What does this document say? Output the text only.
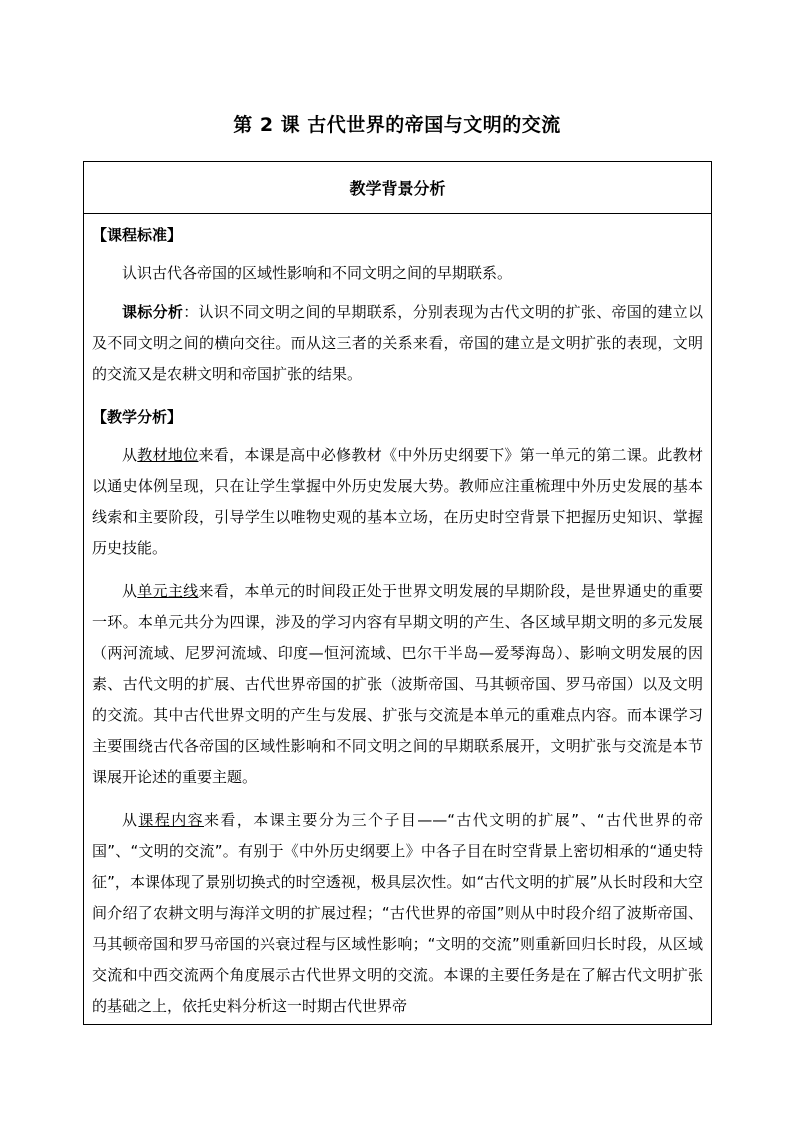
第 2 课 古代世界的帝国与文明的交流
教学背景分析
【课程标准】

认识古代各帝国的区域性影响和不同文明之间的早期联系。

课标分析：认识不同文明之间的早期联系，分别表现为古代文明的扩张、帝国的建立以及不同文明之间的横向交往。而从这三者的关系来看，帝国的建立是文明扩张的表现，文明的交流又是农耕文明和帝国扩张的结果。

【教学分析】

从教材地位来看，本课是高中必修教材《中外历史纲要下》第一单元的第二课。此教材以通史体例呈现，只在让学生掌握中外历史发展大势。教师应注重梳理中外历史发展的基本线索和主要阶段，引导学生以唯物史观的基本立场，在历史时空背景下把握历史知识、掌握历史技能。

从单元主线来看，本单元的时间段正处于世界文明发展的早期阶段，是世界通史的重要一环。本单元共分为四课，涉及的学习内容有早期文明的产生、各区域早期文明的多元发展（两河流域、尼罗河流域、印度—恒河流域、巴尔干半岛—爱琴海岛）、影响文明发展的因素、古代文明的扩展、古代世界帝国的扩张（波斯帝国、马其顿帝国、罗马帝国）以及文明的交流。其中古代世界文明的产生与发展、扩张与交流是本单元的重难点内容。而本课学习主要围绕古代各帝国的区域性影响和不同文明之间的早期联系展开，文明扩张与交流是本节课展开论述的重要主题。

从课程内容来看，本课主要分为三个子目——“古代文明的扩展”、“古代世界的帝国”、“文明的交流”。有别于《中外历史纲要上》中各子目在时空背景上密切相承的“通史特征”，本课体现了景别切换式的时空透视，极具层次性。如“古代文明的扩展”从长时段和大空间介绍了农耕文明与海洋文明的扩展过程；“古代世界的帝国”则从中时段介绍了波斯帝国、马其顿帝国和罗马帝国的兴衰过程与区域性影响；“文明的交流”则重新回归长时段，从区域交流和中西交流两个角度展示古代世界文明的交流。本课的主要任务是在了解古代文明扩张的基础之上，依托史料分析这一时期古代世界帝
